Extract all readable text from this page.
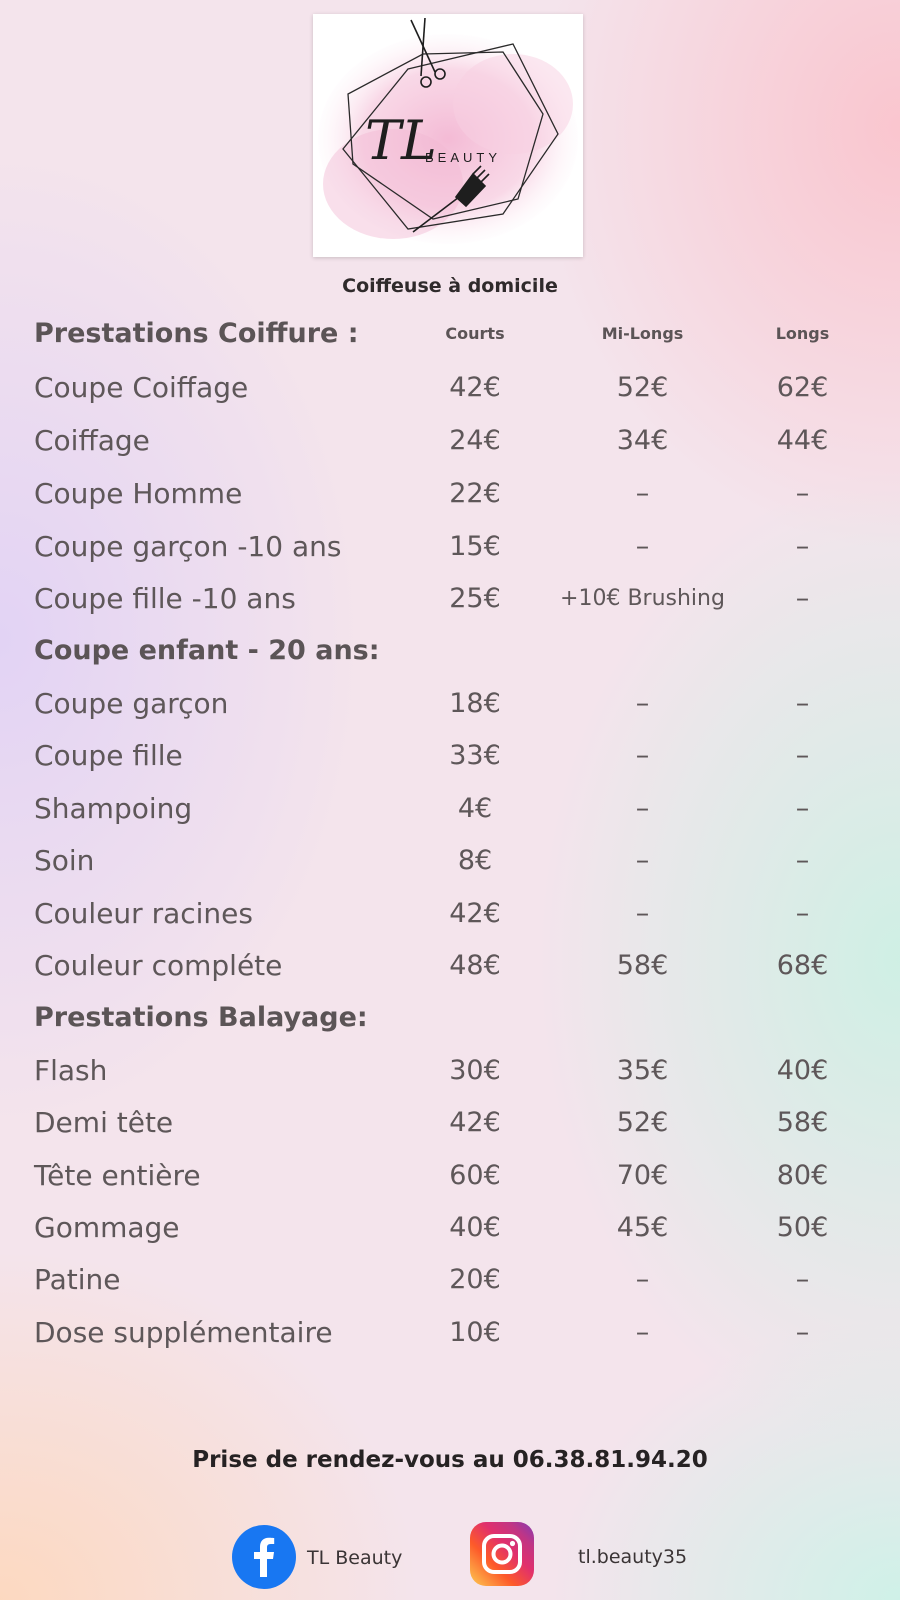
TL
BEAUTY
Coiffeuse à domicile
Prestations Coiffure :	Courts	Mi-Longs	Longs
Coupe Coiffage	42€	52€	62€
Coiffage	24€	34€	44€
Coupe Homme	22€	–	–
Coupe garçon -10 ans	15€	–	–
Coupe fille -10 ans	25€	+10€ Brushing	–
Coupe enfant - 20 ans:
Coupe garçon	18€	–	–
Coupe fille	33€	–	–
Shampoing	4€	–	–
Soin	8€	–	–
Couleur racines	42€	–	–
Couleur compléte	48€	58€	68€
Prestations Balayage:
Flash	30€	35€	40€
Demi tête	42€	52€	58€
Tête entière	60€	70€	80€
Gommage	40€	45€	50€
Patine	20€	–	–
Dose supplémentaire	10€	–	–
Prise de rendez-vous au 06.38.81.94.20
TL Beauty	tl.beauty35
